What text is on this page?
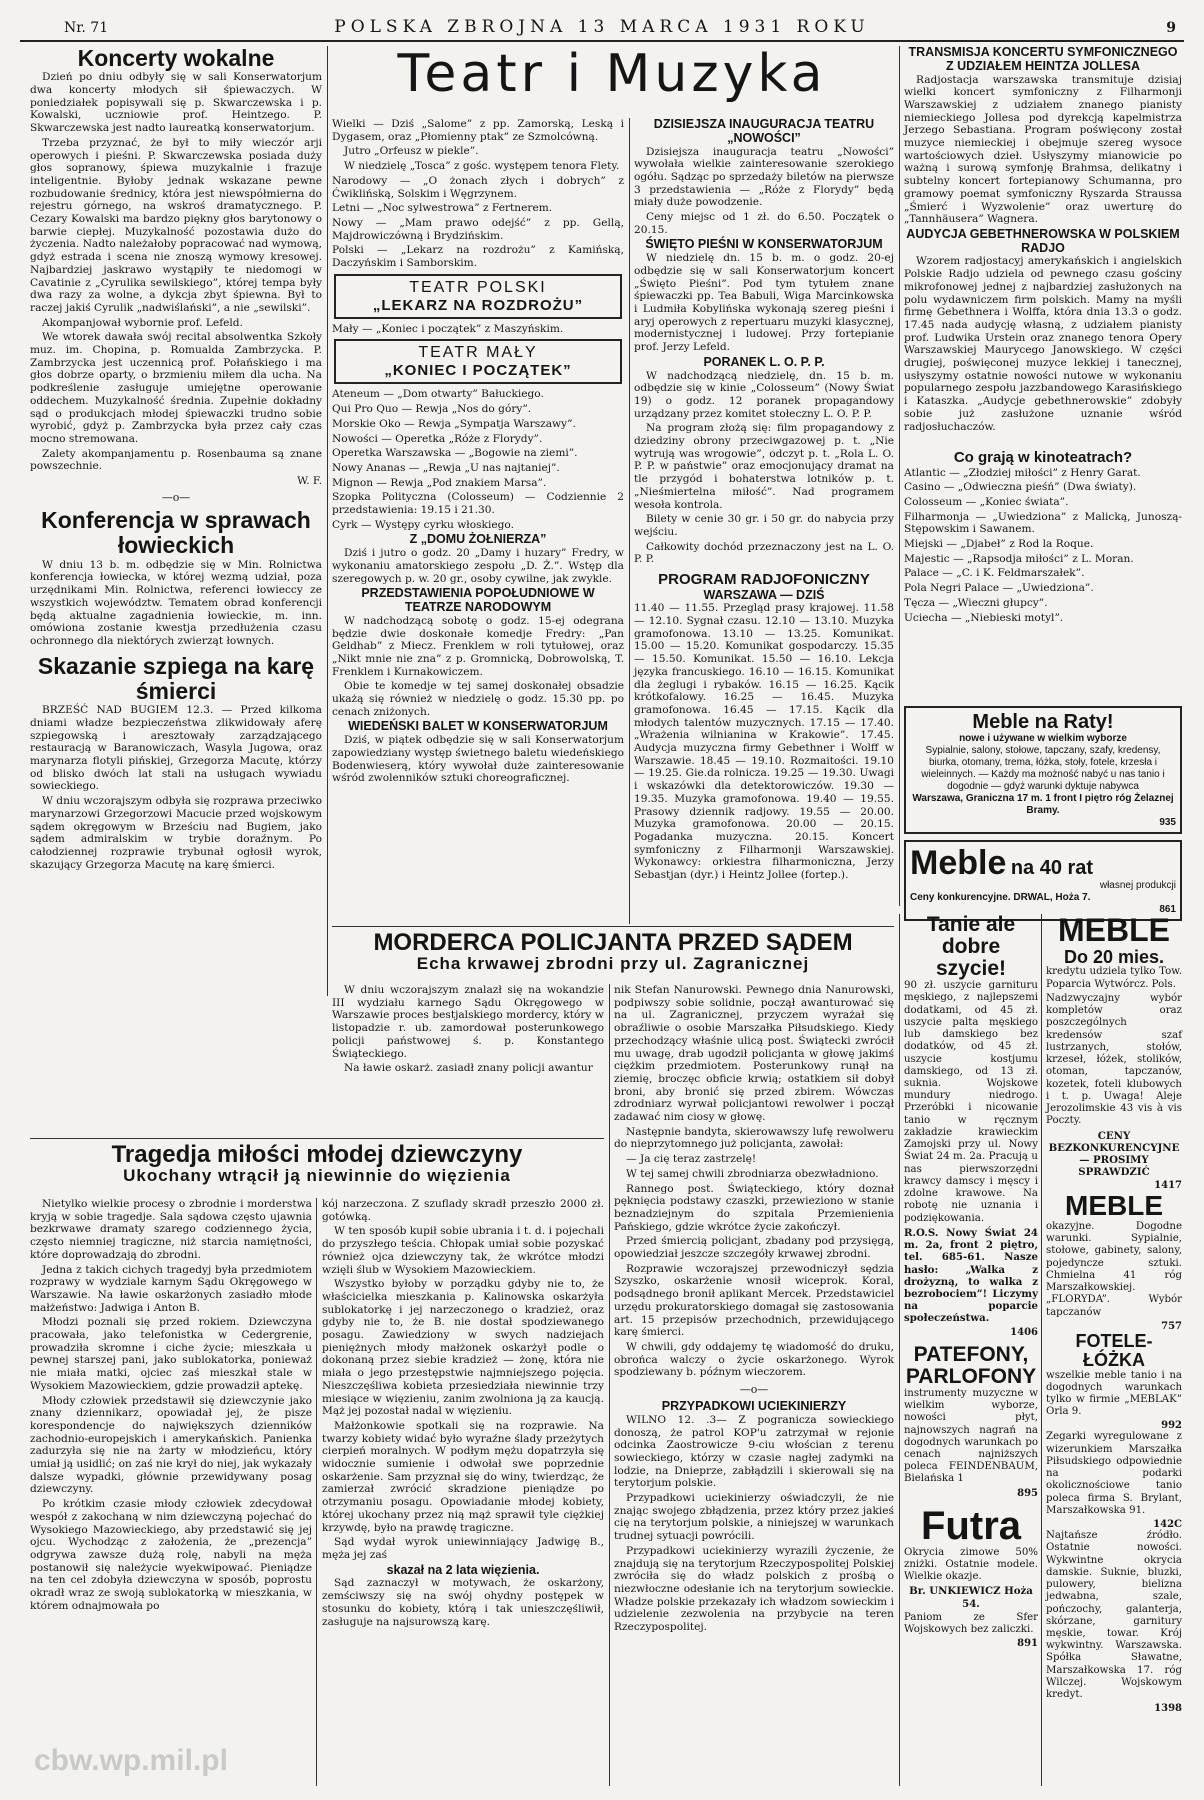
Nr. 71	POLSKA ZBROJNA 13 MARCA 1931 ROKU	9
Koncerty wokalne

Dzień po dniu odbyły się w sali Konserwatorjum dwa koncerty młodych sił śpiewaczych. W poniedziałek popisywali się p. Skwarczewska i p. Kowalski, uczniowie prof. Heintzego. P. Skwarczewska jest nadto laureatką konserwatorjum.

Trzeba przyznać, że był to miły wieczór arji operowych i pieśni. P. Skwarczewska posiada duży głos sopranowy, śpiewa muzykalnie i frazuje inteligentnie. Byłoby jednak wskazane pewne rozbudowanie średnicy, która jest niewspółmierna do rejestru górnego, na wskroś dramatycznego. P. Cezary Kowalski ma bardzo piękny głos barytonowy o barwie ciepłej. Muzykalność pozostawia dużo do życzenia. Nadto należałoby popracować nad wymową, gdyż estrada i scena nie znoszą wymowy kresowej. Najbardziej jaskrawo wystąpiły te niedomogi w Cavatinie z „Cyrulika sewilskiego”, której tempa były dwa razy za wolne, a dykcja zbyt śpiewna. Był to raczej jakiś Cyrulik „nadwiślański”, a nie „sewilski”.

Akompanjował wybornie prof. Lefeld.

We wtorek dawała swój recital absolwentka Szkoły muz. im. Chopina, p. Romualda Zambrzycka. P. Zambrzycka jest uczennicą prof. Połańskiego i ma głos dobrze oparty, o brzmieniu miłem dla ucha. Na podkreślenie zasługuje umiejętne operowanie oddechem. Muzykalność średnia. Zupełnie dokładny sąd o produkcjach młodej śpiewaczki trudno sobie wyrobić, gdyż p. Zambrzycka była przez cały czas mocno stremowana.

Zalety akompanjamentu p. Rosenbauma są znane powszechnie.

W. F.
—o—
Konferencja w sprawach łowieckich

W dniu 13 b. m. odbędzie się w Min. Rolnictwa konferencja łowiecka, w której wezmą udział, poza urzędnikami Min. Rolnictwa, referenci łowieccy ze wszystkich województw. Tematem obrad konferencji będą aktualne zagadnienia łowieckie, m. inn. omówiona zostanie kwestja przedłużenia czasu ochronnego dla niektórych zwierząt łownych.

Skazanie szpiega na karę śmierci

BRZEŚĆ NAD BUGIEM 12.3. — Przed kilkoma dniami władze bezpieczeństwa zlikwidowały aferę szpiegowską i aresztowały zarządzającego restauracją w Baranowiczach, Wasyla Jugowa, oraz marynarza flotyli pińskiej, Grzegorza Macutę, którzy od blisko dwóch lat stali na usługach wywiadu sowieckiego.

W dniu wczorajszym odbyła się rozprawa przeciwko marynarzowi Grzegorzowi Macucie przed wojskowym sądem okręgowym w Brześciu nad Bugiem, jako sądem admiralskim w trybie doraźnym. Po całodziennej rozprawie trybunał ogłosił wyrok, skazujący Grzegorza Macutę na karę śmierci.

Teatr i Muzyka

Wielki — Dziś „Salome” z pp. Zamorską, Leską i Dygasem, oraz „Płomienny ptak” ze Szmolcówną.

Jutro „Orfeusz w piekle”.

W niedzielę „Tosca” z gośc. występem tenora Flety.

Narodowy — „O żonach złych i dobrych” z Ćwiklińską, Solskim i Węgrzynem.

Letni — „Noc sylwestrowa” z Fertnerem.

Nowy — „Mam prawo odejść” z pp. Gellą, Majdrowiczówną i Brydzińskim.

Polski — „Lekarz na rozdrożu” z Kamińską, Daczyńskim i Samborskim.

TEATR POLSKI
„LEKARZ NA ROZDROŻU”

Mały — „Koniec i początek” z Maszyńskim.

TEATR MAŁY
„KONIEC I POCZĄTEK”

Ateneum — „Dom otwarty” Bałuckiego.

Qui Pro Quo — Rewja „Nos do góry”.

Morskie Oko — Rewja „Sympatja Warszawy”.

Nowości — Operetka „Róże z Florydy”.

Operetka Warszawska — „Bogowie na ziemi”.

Nowy Ananas — „Rewja „U nas najtaniej”.

Mignon — Rewja „Pod znakiem Marsa”.

Szopka Polityczna (Colosseum) — Codziennie 2 przedstawienia: 19.15 i 21.30.

Cyrk — Występy cyrku włoskiego.

Z „DOMU ŻOŁNIERZA”

Dziś i jutro o godz. 20 „Damy i huzary” Fredry, w wykonaniu amatorskiego zespołu „D. Ż.”. Wstęp dla szeregowych p. w. 20 gr., osoby cywilne, jak zwykle.

PRZEDSTAWIENIA POPOŁUDNIOWE W TEATRZE NARODOWYM

W nadchodzącą sobotę o godz. 15-ej odegrana będzie dwie doskonałe komedje Fredry: „Pan Geldhab” z Miecz. Frenklem w roli tytułowej, oraz „Nikt mnie nie zna” z p. Gromnicką, Dobrowolską, T. Frenklem i Kurnakowiczem.

Obie te komedje w tej samej doskonałej obsadzie ukażą się również w niedzielę o godz. 15.30 pp. po cenach zniżonych.

WIEDEŃSKI BALET W KONSERWATORJUM

Dziś, w piątek odbędzie się w sali Konserwatorjum zapowiedziany występ świetnego baletu wiedeńskiego Bodenwieserą, który wywołał duże zainteresowanie wśród zwolenników sztuki choreograficznej.

DZISIEJSZA INAUGURACJA TEATRU „NOWOŚCI”

Dzisiejsza inauguracja teatru „Nowości” wywołała wielkie zainteresowanie szerokiego ogółu. Sądząc po sprzedaży biletów na pierwsze 3 przedstawienia — „Róże z Florydy” będą miały duże powodzenie.

Ceny miejsc od 1 zł. do 6.50. Początek o 20.15.

ŚWIĘTO PIEŚNI W KONSERWATORJUM

W niedzielę dn. 15 b. m. o godz. 20-ej odbędzie się w sali Konserwatorjum koncert „Święto Pieśni”. Pod tym tytułem znane śpiewaczki pp. Tea Babuli, Wiga Marcinkowska i Ludmiła Kobylińska wykonają szereg pieśni i aryj operowych z repertuaru muzyki klasycznej, modernistycznej i ludowej. Przy fortepianie prof. Jerzy Lefeld.

PORANEK L. O. P. P.

W nadchodzącą niedzielę, dn. 15 b. m. odbędzie się w kinie „Colosseum” (Nowy Świat 19) o godz. 12 poranek propagandowy urządzany przez komitet stołeczny L. O. P. P.

Na program złożą się: film propagandowy z dziedziny obrony przeciwgazowej p. t. „Nie wytrują was wrogowie”, odczyt p. t. „Rola L. O. P. P. w państwie” oraz emocjonujący dramat na tle przygód i bohaterstwa lotników p. t. „Nieśmiertelna miłość”. Nad programem wesoła kontrola.

Bilety w cenie 30 gr. i 50 gr. do nabycia przy wejściu.

Całkowity dochód przeznaczony jest na L. O. P. P.

PROGRAM RADJOFONICZNY
WARSZAWA — DZIŚ

11.40 — 11.55. Przegląd prasy krajowej. 11.58 — 12.10. Sygnał czasu. 12.10 — 13.10. Muzyka gramofonowa. 13.10 — 13.25. Komunikat. 15.00 — 15.20. Komunikat gospodarczy. 15.35 — 15.50. Komunikat. 15.50 — 16.10. Lekcja języka francuskiego. 16.10 — 16.15. Komunikat dla żeglugi i rybaków. 16.15 — 16.25. Kącik krótkofalowy. 16.25 — 16.45. Muzyka gramofonowa. 16.45 — 17.15. Kącik dla młodych talentów muzycznych. 17.15 — 17.40. „Wrażenia wilnianina w Krakowie”. 17.45. Audycja muzyczna firmy Gebethner i Wolff w Warszawie. 18.45 — 19.10. Rozmaitości. 19.10 — 19.25. Gie.da rolnicza. 19.25 — 19.30. Uwagi i wskazówki dla detektorowiczów. 19.30 — 19.35. Muzyka gramofonowa. 19.40 — 19.55. Prasowy dziennik radjowy. 19.55 — 20.00. Muzyka gramofonowa. 20.00 — 20.15. Pogadanka muzyczna. 20.15. Koncert symfoniczny z Filharmonji Warszawskiej. Wykonawcy: orkiestra filharmoniczna, Jerzy Sebastjan (dyr.) i Heintz Jollee (fortep.).

TRANSMISJA KONCERTU SYMFONICZNEGO Z UDZIAŁEM HEINTZA JOLLESA

Radjostacja warszawska transmituje dzisiaj wielki koncert symfoniczny z Filharmonji Warszawskiej z udziałem znanego pianisty niemieckiego Jollesa pod dyrekcją kapelmistrza Jerzego Sebastiana. Program poświęcony został muzyce niemieckiej i obejmuje szereg wysoce wartościowych dzieł. Usłyszymy mianowicie po ważną i surową symfonję Brahmsa, delikatny i subtelny koncert fortepianowy Schumanna, pro gramowy poemat symfoniczny Ryszarda Straussa „Śmierć i Wyzwolenie” oraz uwerturę do „Tannhäusera” Wagnera.

AUDYCJA GEBETHNEROWSKA W POLSKIEM RADJO

Wzorem radjostacyj amerykańskich i angielskich Polskie Radjo udziela od pewnego czasu gościny mikrofonowej jednej z najbardziej zasłużonych na polu wydawniczem firm polskich. Mamy na myśli firmę Gebethnera i Wolffa, która dnia 13.3 o godz. 17.45 nada audycję własną, z udziałem pianisty prof. Ludwika Urstein oraz znanego tenora Opery Warszawskiej Maurycego Janowskiego. W części drugiej, poświęconej muzyce lekkiej i tanecznej, usłyszymy ostatnie nowości nutowe w wykonaniu popularnego zespołu jazzbandowego Karasińskiego i Kataszka. „Audycje gebethnerowskie” zdobyły sobie już zasłużone uznanie wśród radjosłuchaczów.

Co grają w kinoteatrach?

Atlantic — „Złodziej miłości” z Henry Garat.

Casino — „Odwieczna pieśń” (Dwa światy).

Colosseum — „Koniec świata”.

Filharmonja — „Uwiedziona” z Malicką, Junoszą-Stępowskim i Sawanem.

Miejski — „Djabeł” z Rod la Roque.

Majestic — „Rapsodja miłości” z L. Moran.

Palace — „C. i K. Feldmarszałek”.

Pola Negri Palace — „Uwiedziona”.

Tęcza — „Wieczni głupcy”.

Uciecha — „Niebieski motyl”.

Meble na Raty!
nowe i używane w wielkim wyborze
Sypialnie, salony, stołowe, tapczany, szafy, kredensy, biurka, otomany, trema, łóżka, stoły, fotele, krzesła i wieleinnych. — Każdy ma możność nabyć u nas tanio i dogodnie — gdyż warunki dyktuje nabywca
Warszawa, Graniczna 17 m. 1 front I piętro róg Żelaznej Bramy.
935
Meble na 40 rat
własnej produkcji
Ceny konkurencyjne. DRWAL, Hoża 7.
861
MORDERCA POLICJANTA PRZED SĄDEM
Echa krwawej zbrodni przy ul. Zagranicznej

W dniu wczorajszym znalazł się na wokandzie III wydziału karnego Sądu Okręgowego w Warszawie proces bestjalskiego mordercy, który w listopadzie r. ub. zamordował posterunkowego policji państwowej ś. p. Konstantego Świąteckiego.

Na ławie oskarż. zasiadł znany policji awantur

Tragedja miłości młodej dziewczyny
Ukochany wtrącił ją niewinnie do więzienia

Nietylko wielkie procesy o zbrodnie i morderstwa kryją w sobie tragedje. Sala sądowa często ujawnia bezkrwawe dramaty szarego codziennego życia, często niemniej tragiczne, niż starcia namiętności, które doprowadzają do zbrodni.

Jedna z takich cichych tragedyj była przedmiotem rozprawy w wydziale karnym Sądu Okręgowego w Warszawie. Na ławie oskarżonych zasiadło młode małżeństwo: Jadwiga i Anton B.

Młodzi poznali się przed rokiem. Dziewczyna pracowała, jako telefonistka w Cedergrenie, prowadziła skromne i ciche życie; mieszkała u pewnej starszej pani, jako sublokatorka, ponieważ nie miała matki, ojciec zaś mieszkał stale w Wysokiem Mazowieckiem, gdzie prowadził aptekę.

Młody człowiek przedstawił się dziewczynie jako znany dziennikarz, opowiadał jej, że pisze korespondencje do największych dzienników zachodnio-europejskich i amerykańskich. Panienka zadurzyła się nie na żarty w młodzieńcu, który umiał ją usidlić; on zaś nie krył do niej, jak wykazały dalsze wypadki, głównie przewidywany posag dziewczyny.

Po krótkim czasie młody człowiek zdecydował wespół z zakochaną w nim dziewczyną pojechać do Wysokiego Mazowieckiego, aby przedstawić się jej ojcu. Wychodząc z założenia, że „prezencja” odgrywa zawsze dużą rolę, nabyli na męża postanowił się należycie wyekwipować. Pieniądze na ten cel zdobyła dziewczyna w sposób, poprostu okradł wraz ze swoją sublokatorką w mieszkania, w którem odnajmowała po

kój narzeczona. Z szuflady skradł przeszło 2000 zł. gotówką.

W ten sposób kupił sobie ubrania i t. d. i pojechali do przyszłego teścia. Chłopak umiał sobie pozyskać również ojca dziewczyny tak, że wkrótce młodzi wzięli ślub w Wysokiem Mazowieckiem.

Wszystko byłoby w porządku gdyby nie to, że właścicielka mieszkania p. Kalinowska oskarżyła sublokatorkę i jej narzeczonego o kradzież, oraz gdyby nie to, że B. nie dostał spodziewanego posagu. Zawiedziony w swych nadziejach pieniężnych młody małżonek oskarżył podle o dokonaną przez siebie kradzież — żonę, która nie miała o jego przestępstwie najmniejszego pojęcia. Nieszczęśliwa kobieta przesiedziała niewinnie trzy miesiące w więzieniu, zanim zwolniona ją za kaucją. Mąż jej pozostał nadal w więzieniu.

Małżonkowie spotkali się na rozprawie. Na twarzy kobiety widać było wyraźne ślady przeżytych cierpień moralnych. W podłym mężu dopatrzyła się widocznie sumienie i odwołał swe poprzednie oskarżenie. Sam przyznał się do winy, twierdząc, że zamierzał zwrócić skradzione pieniądze po otrzymaniu posagu. Opowiadanie młodej kobiety, której ukochany przez nią mąż sprawił tyle ciężkiej krzywdę, było na prawdę tragiczne.

Sąd wydał wyrok uniewinniający Jadwigę B., męża jej zaś

skazał na 2 lata więzienia.

Sąd zaznaczył w motywach, że oskarżony, zemściwszy się na swój ohydny postępek w stosunku do kobiety, którą i tak unieszczęśliwił, zasługuje na najsurowszą karę.

nik Stefan Nanurowski. Pewnego dnia Nanurowski, podpiwszy sobie solidnie, począł awanturować się na ul. Zagranicznej, przyczem wyrażał się obraźliwie o osobie Marszałka Piłsudskiego. Kiedy przechodzący właśnie ulicą post. Świątecki zwrócił mu uwagę, drab ugodził policjanta w głowę jakimś ciężkim przedmiotem. Posterunkowy runął na ziemię, broczęc obficie krwią; ostatkiem sił dobył broni, aby bronić się przed zbirem. Wówczas zdrodniarz wyrwał policjantowi rewolwer i począł zadawać nim ciosy w głowę.

Następnie bandyta, skierowawszy lufę rewolweru do nieprzytomnego już policjanta, zawołał:

— Ja cię teraz zastrzelę!

W tej samej chwili zbrodniarza obezwładniono.

Rannego post. Świąteckiego, który doznał pęknięcia podstawy czaszki, przewieziono w stanie beznadziejnym do szpitala Przemienienia Pańskiego, gdzie wkrótce życie zakończył.

Przed śmiercią policjant, zbadany pod przysięgą, opowiedział jeszcze szczegóły krwawej zbrodni.

Rozprawie wczorajszej przewodniczył sędzia Szyszko, oskarżenie wnosił wiceprok. Koral, podsądnego bronił aplikant Mercek. Przedstawiciel urzędu prokuratorskiego domagał się zastosowania art. 15 przepisów przechodnich, przewidującego karę śmierci.

W chwili, gdy oddajemy tę wiadomość do druku, obrońca walczy o życie oskarżonego. Wyrok spodziewany b. późnym wieczorem.

—o—
PRZYPADKOWI UCIEKINIERZY

WILNO 12. .3— Z pogranicza sowieckiego donoszą, że patrol KOP'u zatrzymał w rejonie odcinka Zaostrowicze 9-ciu włościan z terenu sowieckiego, którzy w czasie nagłej zadymki na lodzie, na Dnieprze, zabłądzili i skierowali się na terytorjum polskie.

Przypadkowi uciekinierzy oświadczyli, że nie znając swojego zbłądzenia, przez który przez jakieś cię na terytorjum polskie, a niniejszej w warunkach trudnej sytuacji powrócili.

Przypadkowi uciekinierzy wyrazili życzenie, że znajdują się na terytorjum Rzeczypospolitej Polskiej zwróciła się do władz polskich z prośbą o niezwłoczne odesłanie ich na terytorjum sowieckie. Władze polskie przekazały ich władzom sowieckim i udzielenie zezwolenia na przybycie na teren Rzeczypospolitej.

Tanie ale dobre szycie!

90 zł. uszycie garnituru męskiego, z najlepszemi dodatkami, od 45 zł. uszycie palta męskiego lub damskiego bez dodatków, od 45 zł. uszycie kostjumu damskiego, od 13 zł. suknia. Wojskowe mundury niedrogo. Przeróbki i nicowanie tanio w ręcznym zakładzie krawieckim Zamojski przy ul. Nowy Świat 24 m. 2a. Pracują u nas pierwszorzędni krawcy damscy i męscy i zdolne krawowe. Na robotę nie uznania i podziękowania.

R.O.S. Nowy Świat 24 m. 2a, front 2 piętro, tel. 685-61. Nasze hasło: „Walka z drożyzną, to walka z bezrobociem”! Liczymy na poparcie społeczeństwa.

1406
PATEFONY, PARLOFONY

instrumenty muzyczne w wielkim wyborze, nowości płyt, najnowszych nagrań na dogodnych warunkach po cenach najniższych poleca FEINDENBAUM, Bielańska 1

895
Futra

Okrycia zimowe 50% zniżki. Ostatnie modele. Wielkie okazje.

Br. UNKIEWICZ Hoża 54.

Paniom ze Sfer Wojskowych bez zaliczki.

891
MEBLE
Do 20 mies.

kredytu udziela tylko Tow. Poparcia Wytwórcz. Pols.

Nadzwyczajny wybór kompletów oraz poszczególnych kredensów szaf lustrzanych, stołów, krzeseł, łóżek, stolików, otoman, tapczanów, kozetek, foteli klubowych i t. p. Uwaga! Aleje Jerozolimskie 43 vis à vis Poczty.

CENY BEZKONKURENCYJNE — PROSIMY SPRAWDZIĆ

1417
MEBLE

okazyjne. Dogodne warunki. Sypialnie, stołowe, gabinety, salony, pojedyncze sztuki. Chmielna 41 róg Marszałkowskiej. „FLORYDA”. Wybór tapczanów

757
FOTELE-ŁÓŻKA

wszelkie meble tanio i na dogodnych warunkach tylko w firmie „MEBLAK” Orla 9.

992

Zegarki wyregulowane z wizerunkiem Marszałka Piłsudskiego odpowiednie na podarki okolicznościowe tanio poleca firma S. Brylant, Marszałkowska 91.

142C

Najtańsze źródło. Ostatnie nowości. Wykwintne okrycia damskie. Suknie, bluzki, pulowery, bielizna jedwabna, szale, pończochy, galanterja, skórzane, garnitury męskie, towar. Krój wykwintny. Warszawska. Spółka Sławatne, Marszałkowska 17. róg Wilczej. Wojskowym kredyt.

1398
cbw.wp.mil.pl
